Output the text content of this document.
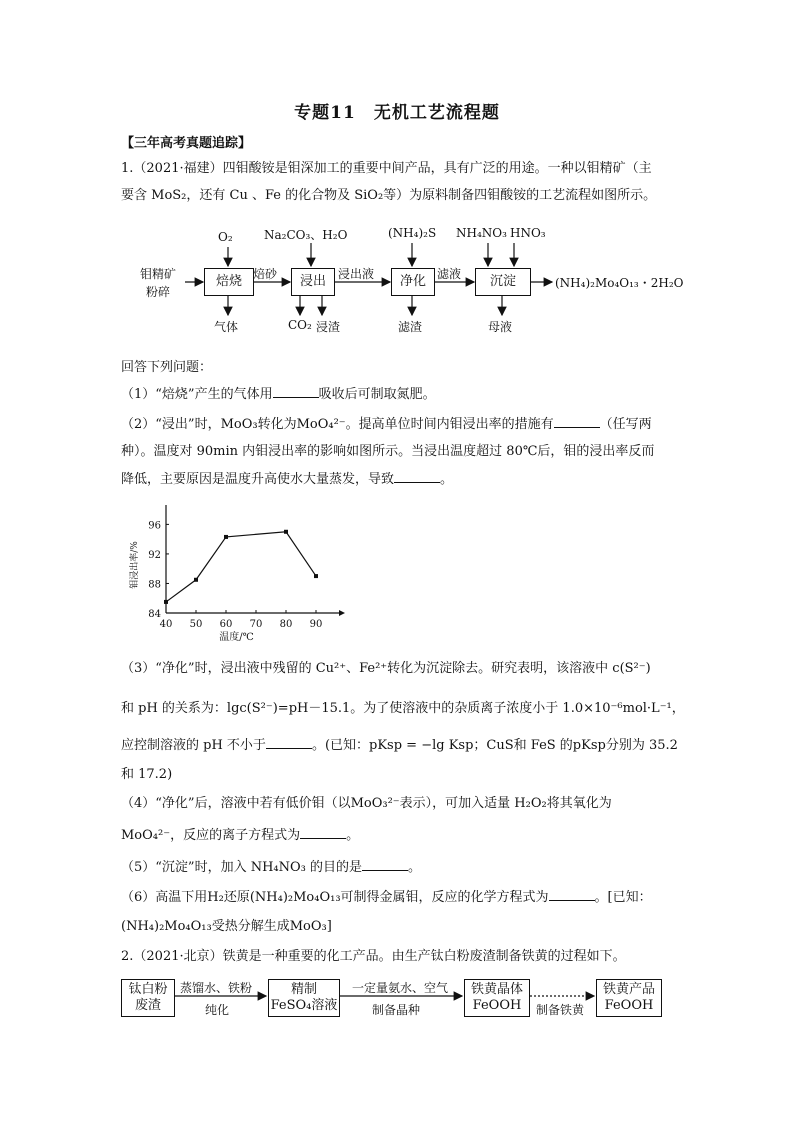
专题11　无机工艺流程题
【三年高考真题追踪】
1.（2021·福建）四钼酸铵是钼深加工的重要中间产品，具有广泛的用途。一种以钼精矿（主
要含 MoS₂，还有 Cu 、Fe 的化合物及 SiO₂等）为原料制备四钼酸铵的工艺流程如图所示。
钼精矿
粉碎
焙烧	浸出	净化	沉淀
O₂	Na₂CO₃、H₂O	(NH₄)₂S NH₄NO₃ HNO₃
焙砂	浸出液	滤液
气体	CO₂ 浸渣	滤渣	母液
(NH₄)₂Mo₄O₁₃・2H₂O
回答下列问题：
（1）“焙烧”产生的气体用	吸收后可制取氮肥。
（2）“浸出”时，MoO₃转化为MoO₄²⁻。提高单位时间内钼浸出率的措施有	（任写两
种）。温度对 90min 内钼浸出率的影响如图所示。当浸出温度超过 80℃后，钼的浸出率反而
降低，主要原因是温度升高使水大量蒸发，导致	。
40 50 60 70 80 90
84
88
92
96
温度/℃
钼浸出率/%
（3）“净化”时，浸出液中残留的 Cu²⁺、Fe²⁺转化为沉淀除去。研究表明，该溶液中 c(S²⁻)
和 pH 的关系为：lgc(S²⁻)=pH－15.1。为了使溶液中的杂质离子浓度小于 1.0×10⁻⁶mol·L⁻¹，
应控制溶液的 pH 不小于	。(已知：pKsp = −lg Ksp；CuS和 FeS 的pKsp分别为 35.2
和 17.2)
（4）“净化”后，溶液中若有低价钼（以MoO₃²⁻表示），可加入适量 H₂O₂将其氧化为
MoO₄²⁻，反应的离子方程式为	。
（5）“沉淀”时，加入 NH₄NO₃ 的目的是	。
（6）高温下用H₂还原(NH₄)₂Mo₄O₁₃可制得金属钼，反应的化学方程式为	。[已知：
(NH₄)₂Mo₄O₁₃受热分解生成MoO₃]
2.（2021·北京）铁黄是一种重要的化工产品。由生产钛白粉废渣制备铁黄的过程如下。
钛白粉
废渣
精制
FeSO₄溶液
铁黄晶体
FeOOH
铁黄产品
FeOOH
蒸馏水、铁粉
纯化
一定量氨水、空气
制备晶种	制备铁黄
